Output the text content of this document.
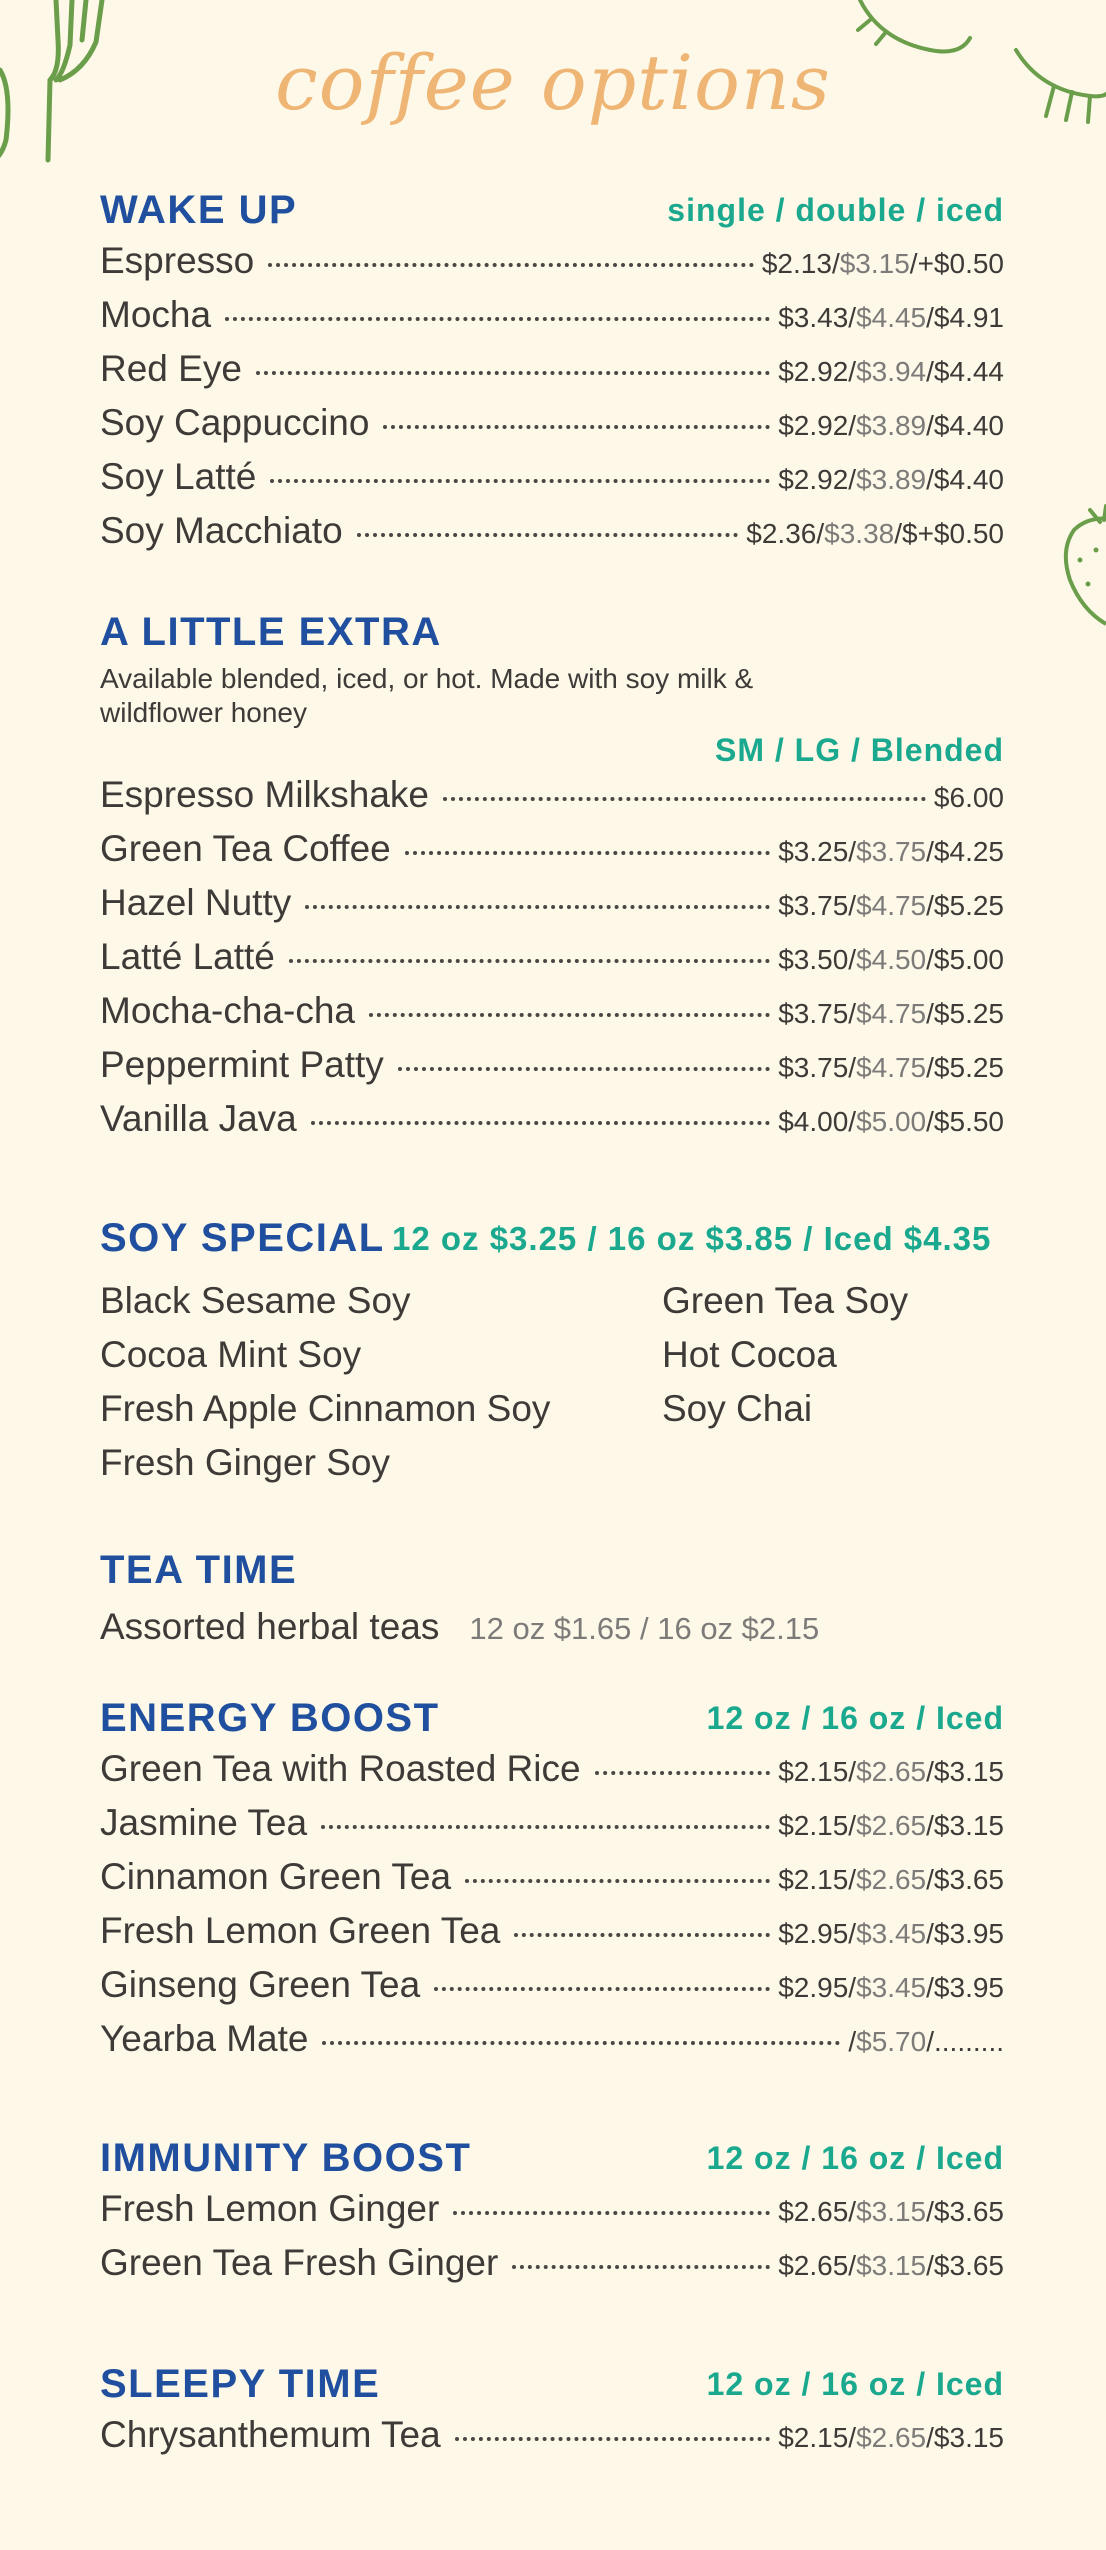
coffee options
WAKE UP	single / double / iced
Espresso	$2.13/$3.15/+$0.50
Mocha	$3.43/$4.45/$4.91
Red Eye	$2.92/$3.94/$4.44
Soy Cappuccino	$2.92/$3.89/$4.40
Soy Latté	$2.92/$3.89/$4.40
Soy Macchiato	$2.36/$3.38/$+$0.50
A LITTLE EXTRA
Available blended, iced, or hot. Made with soy milk & wildflower honey
SM / LG / Blended
Espresso Milkshake	$6.00
Green Tea Coffee	$3.25/$3.75/$4.25
Hazel Nutty	$3.75/$4.75/$5.25
Latté Latté	$3.50/$4.50/$5.00
Mocha-cha-cha	$3.75/$4.75/$5.25
Peppermint Patty	$3.75/$4.75/$5.25
Vanilla Java	$4.00/$5.00/$5.50
SOY SPECIAL 12 oz $3.25 / 16 oz $3.85 / Iced $4.35
Black Sesame Soy
Cocoa Mint Soy
Fresh Apple Cinnamon Soy
Fresh Ginger Soy
Green Tea Soy
Hot Cocoa
Soy Chai
TEA TIME
Assorted herbal teas 12 oz $1.65 / 16 oz $2.15
ENERGY BOOST	12 oz / 16 oz / Iced
Green Tea with Roasted Rice	$2.15/$2.65/$3.15
Jasmine Tea	$2.15/$2.65/$3.15
Cinnamon Green Tea	$2.15/$2.65/$3.65
Fresh Lemon Green Tea	$2.95/$3.45/$3.95
Ginseng Green Tea	$2.95/$3.45/$3.95
Yearba Mate	/$5.70/.........
IMMUNITY BOOST	12 oz / 16 oz / Iced
Fresh Lemon Ginger	$2.65/$3.15/$3.65
Green Tea Fresh Ginger	$2.65/$3.15/$3.65
SLEEPY TIME	12 oz / 16 oz / Iced
Chrysanthemum Tea	$2.15/$2.65/$3.15
